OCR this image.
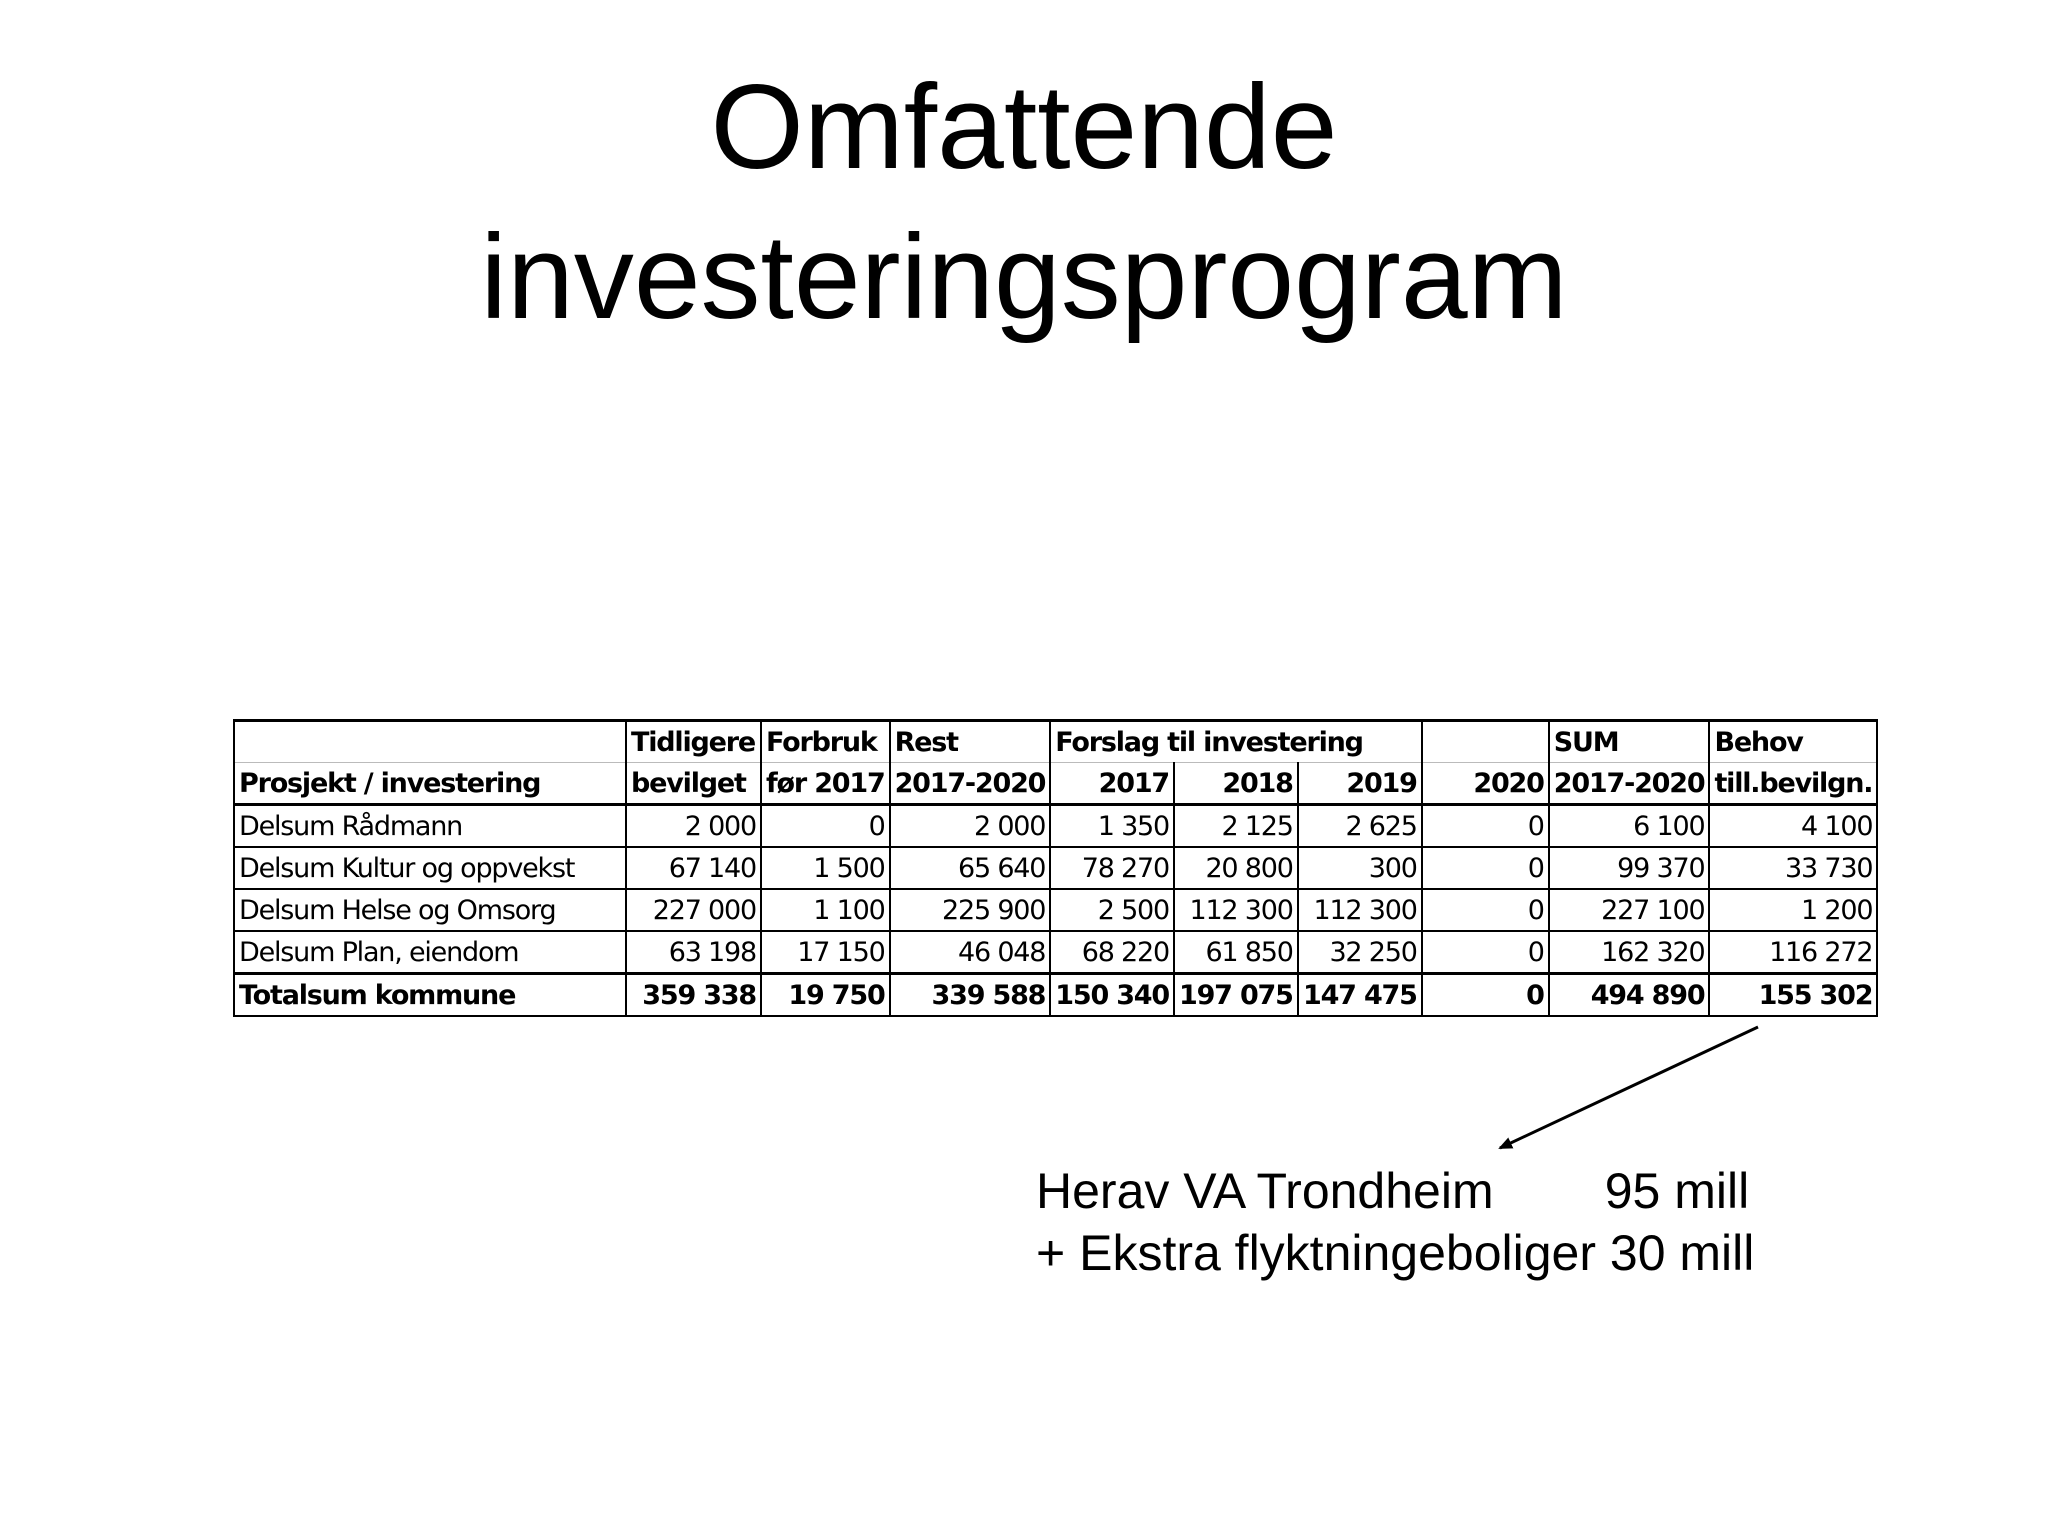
Omfattende
investeringsprogram
	Tidligere	Forbruk	Rest	Forslag til investering				SUM	Behov
Prosjekt / investering	bevilget	før 2017	2017-2020	2017	2018	2019	2020	2017-2020	till.bevilgn.
Delsum Rådmann	2 000	0	2 000	1 350	2 125	2 625	0	6 100	4 100
Delsum Kultur og oppvekst	67 140	1 500	65 640	78 270	20 800	300	0	99 370	33 730
Delsum Helse og Omsorg	227 000	1 100	225 900	2 500	112 300	112 300	0	227 100	1 200
Delsum Plan, eiendom	63 198	17 150	46 048	68 220	61 850	32 250	0	162 320	116 272
Totalsum kommune	359 338	19 750	339 588	150 340	197 075	147 475	0	494 890	155 302
Herav VA Trondheim        95 mill
+ Ekstra flyktningeboliger 30 mill
